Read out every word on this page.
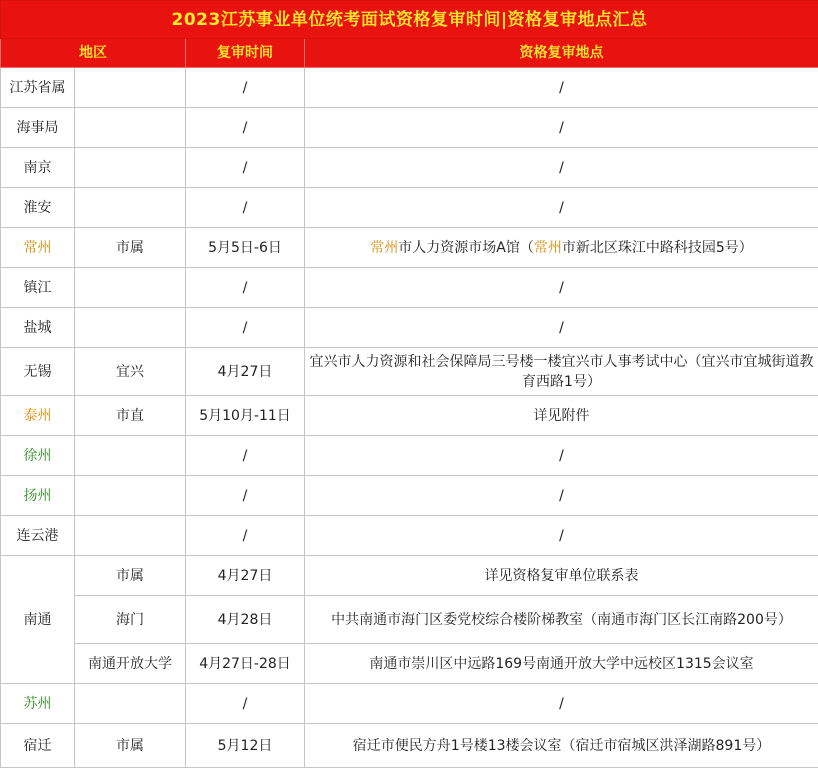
2023江苏事业单位统考面试资格复审时间|资格复审地点汇总			
地区		复审时间	资格复审地点
江苏省属		/	/
海事局		/	/
南京		/	/
淮安		/	/
常州	市属	5月5日-6日	常州市人力资源市场A馆（常州市新北区珠江中路科技园5号）
镇江		/	/
盐城		/	/
无锡	宜兴	4月27日	宜兴市人力资源和社会保障局三号楼一楼宜兴市人事考试中心（宜兴市宜城街道教育西路1号）
泰州	市直	5月10月-11日	详见附件
徐州		/	/
扬州		/	/
连云港		/	/
南通	市属	4月27日	详见资格复审单位联系表
	海门	4月28日	中共南通市海门区委党校综合楼阶梯教室（南通市海门区长江南路200号）
	南通开放大学	4月27日-28日	南通市崇川区中远路169号南通开放大学中远校区1315会议室
苏州		/	/
宿迁	市属	5月12日	宿迁市便民方舟1号楼13楼会议室（宿迁市宿城区洪泽湖路891号）
